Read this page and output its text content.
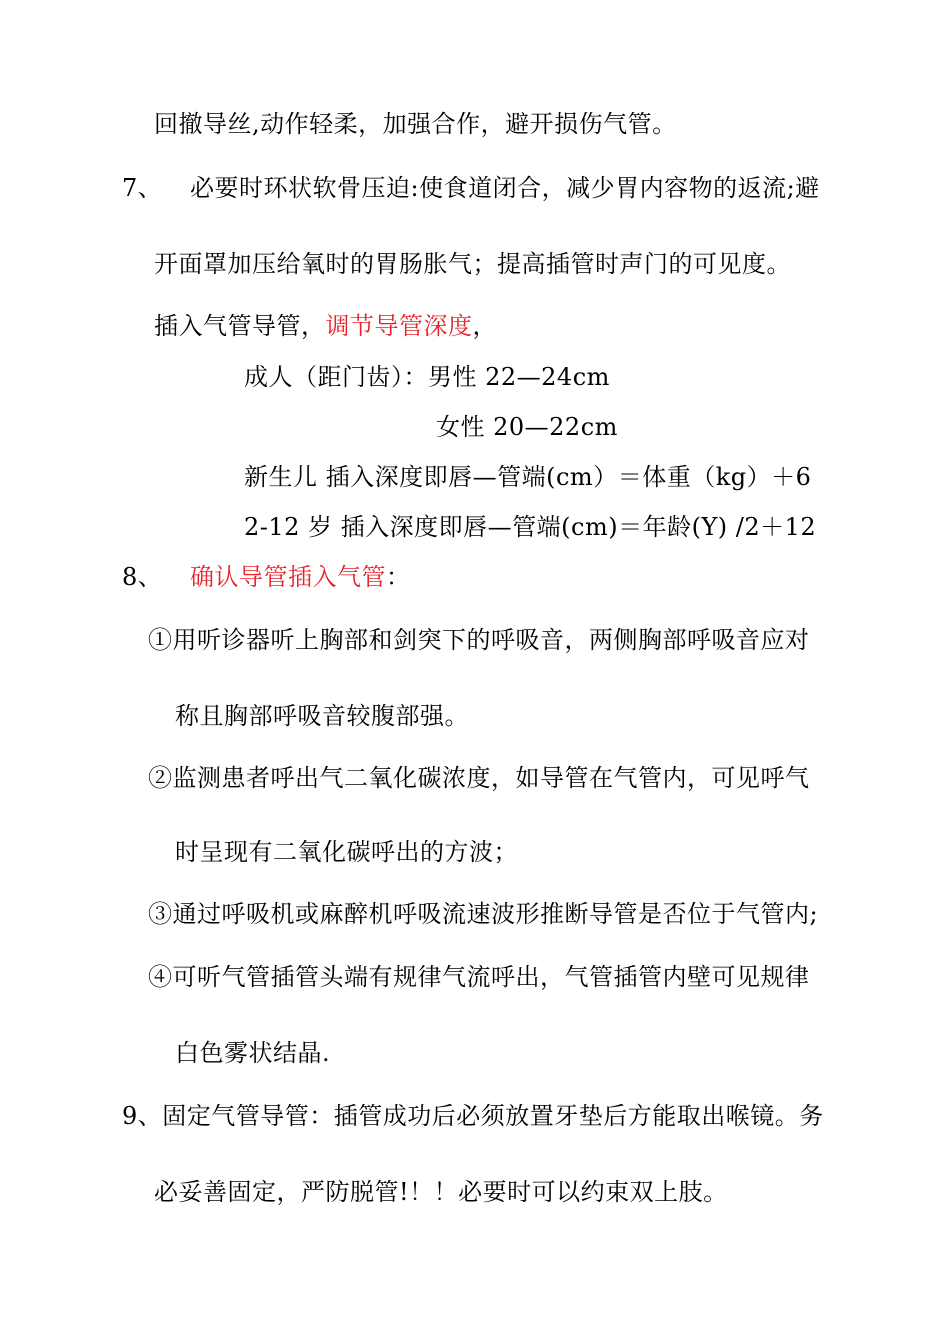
回撤导丝,动作轻柔，加强合作，避开损伤气管。
7、 必要时环状软骨压迫:使食道闭合，减少胃内容物的返流;避
开面罩加压给氧时的胃肠胀气；提高插管时声门的可见度。
插入气管导管，调节导管深度，
成人（距门齿）：男性 22—24cm
女性 20—22cm
新生儿 插入深度即唇—管端(cm）＝体重（kg）＋6
2-12 岁 插入深度即唇—管端(cm)＝年龄(Y) /2＋12
8、 确认导管插入气管：
①用听诊器听上胸部和剑突下的呼吸音，两侧胸部呼吸音应对
称且胸部呼吸音较腹部强。
②监测患者呼出气二氧化碳浓度，如导管在气管内，可见呼气
时呈现有二氧化碳呼出的方波；
③通过呼吸机或麻醉机呼吸流速波形推断导管是否位于气管内;
④可听气管插管头端有规律气流呼出，气管插管内壁可见规律
白色雾状结晶.
9、固定气管导管：插管成功后必须放置牙垫后方能取出喉镜。务
必妥善固定，严防脱管!！！必要时可以约束双上肢。
